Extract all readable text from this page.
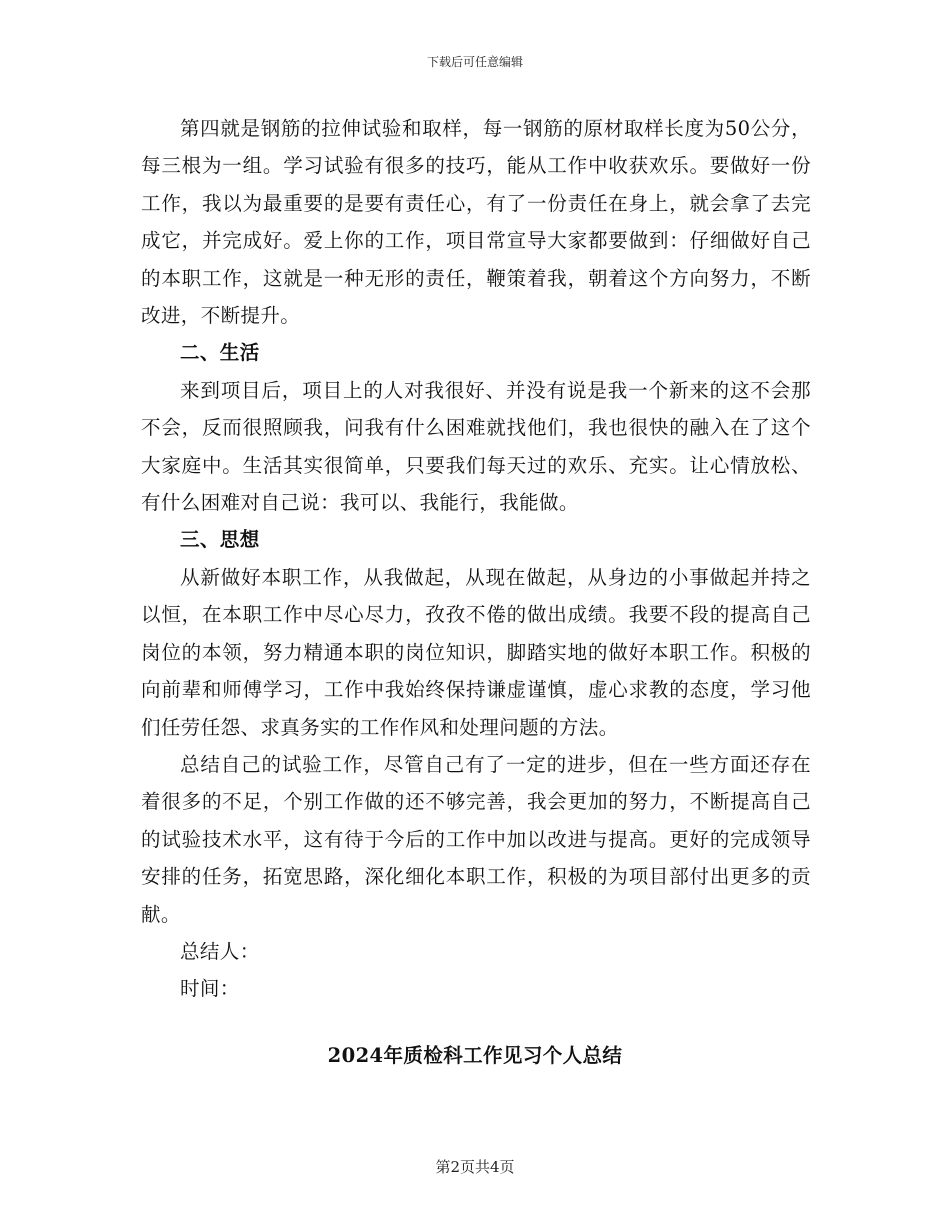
下载后可任意编辑

第四就是钢筋的拉伸试验和取样，每一钢筋的原材取样长度为50公分，每三根为一组。学习试验有很多的技巧，能从工作中收获欢乐。要做好一份工作，我以为最重要的是要有责任心，有了一份责任在身上，就会拿了去完成它，并完成好。爱上你的工作，项目常宣导大家都要做到：仔细做好自己的本职工作，这就是一种无形的责任，鞭策着我，朝着这个方向努力，不断改进，不断提升。

二、生活

来到项目后，项目上的人对我很好、并没有说是我一个新来的这不会那不会，反而很照顾我，问我有什么困难就找他们，我也很快的融入在了这个大家庭中。生活其实很简单，只要我们每天过的欢乐、充实。让心情放松、有什么困难对自己说：我可以、我能行，我能做。

三、思想

从新做好本职工作，从我做起，从现在做起，从身边的小事做起并持之以恒，在本职工作中尽心尽力，孜孜不倦的做出成绩。我要不段的提高自己岗位的本领，努力精通本职的岗位知识，脚踏实地的做好本职工作。积极的向前辈和师傅学习，工作中我始终保持谦虚谨慎，虚心求教的态度，学习他们任劳任怨、求真务实的工作作风和处理问题的方法。

总结自己的试验工作，尽管自己有了一定的进步，但在一些方面还存在着很多的不足，个别工作做的还不够完善，我会更加的努力，不断提高自己的试验技术水平，这有待于今后的工作中加以改进与提高。更好的完成领导安排的任务，拓宽思路，深化细化本职工作，积极的为项目部付出更多的贡献。

总结人：

时间：

2024年质检科工作见习个人总结
第2页共4页
